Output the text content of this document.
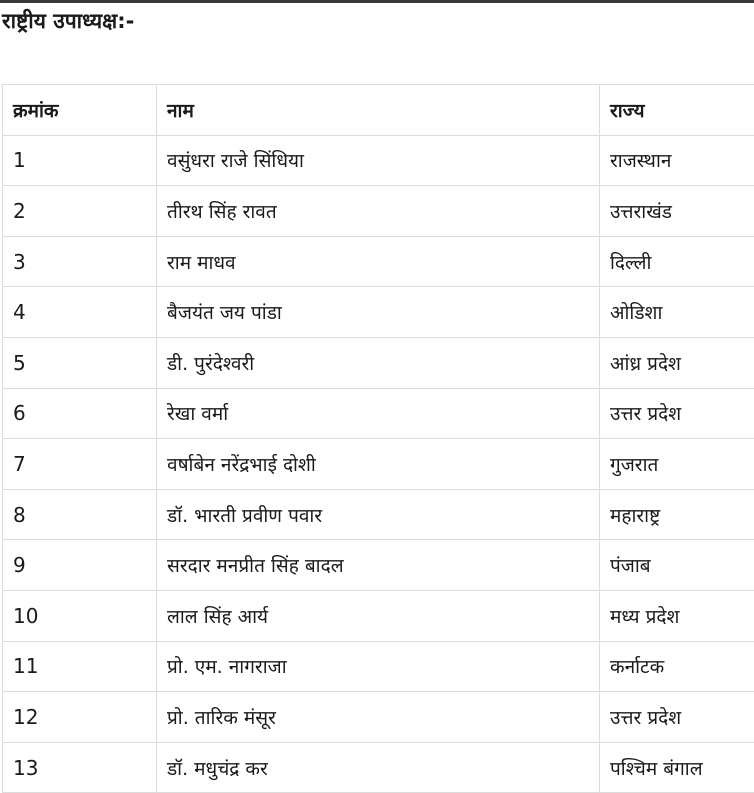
राष्ट्रीय उपाध्यक्ष:-
क्रमांक	नाम	राज्य
1	वसुंधरा राजे सिंधिया	राजस्थान
2	तीरथ सिंह रावत	उत्तराखंड
3	राम माधव	दिल्ली
4	बैजयंत जय पांडा	ओडिशा
5	डी. पुरंदेश्वरी	आंध्र प्रदेश
6	रेखा वर्मा	उत्तर प्रदेश
7	वर्षाबेन नरेंद्रभाई दोशी	गुजरात
8	डॉ. भारती प्रवीण पवार	महाराष्ट्र
9	सरदार मनप्रीत सिंह बादल	पंजाब
10	लाल सिंह आर्य	मध्य प्रदेश
11	प्रो. एम. नागराजा	कर्नाटक
12	प्रो. तारिक मंसूर	उत्तर प्रदेश
13	डॉ. मधुचंद्र कर	पश्चिम बंगाल
